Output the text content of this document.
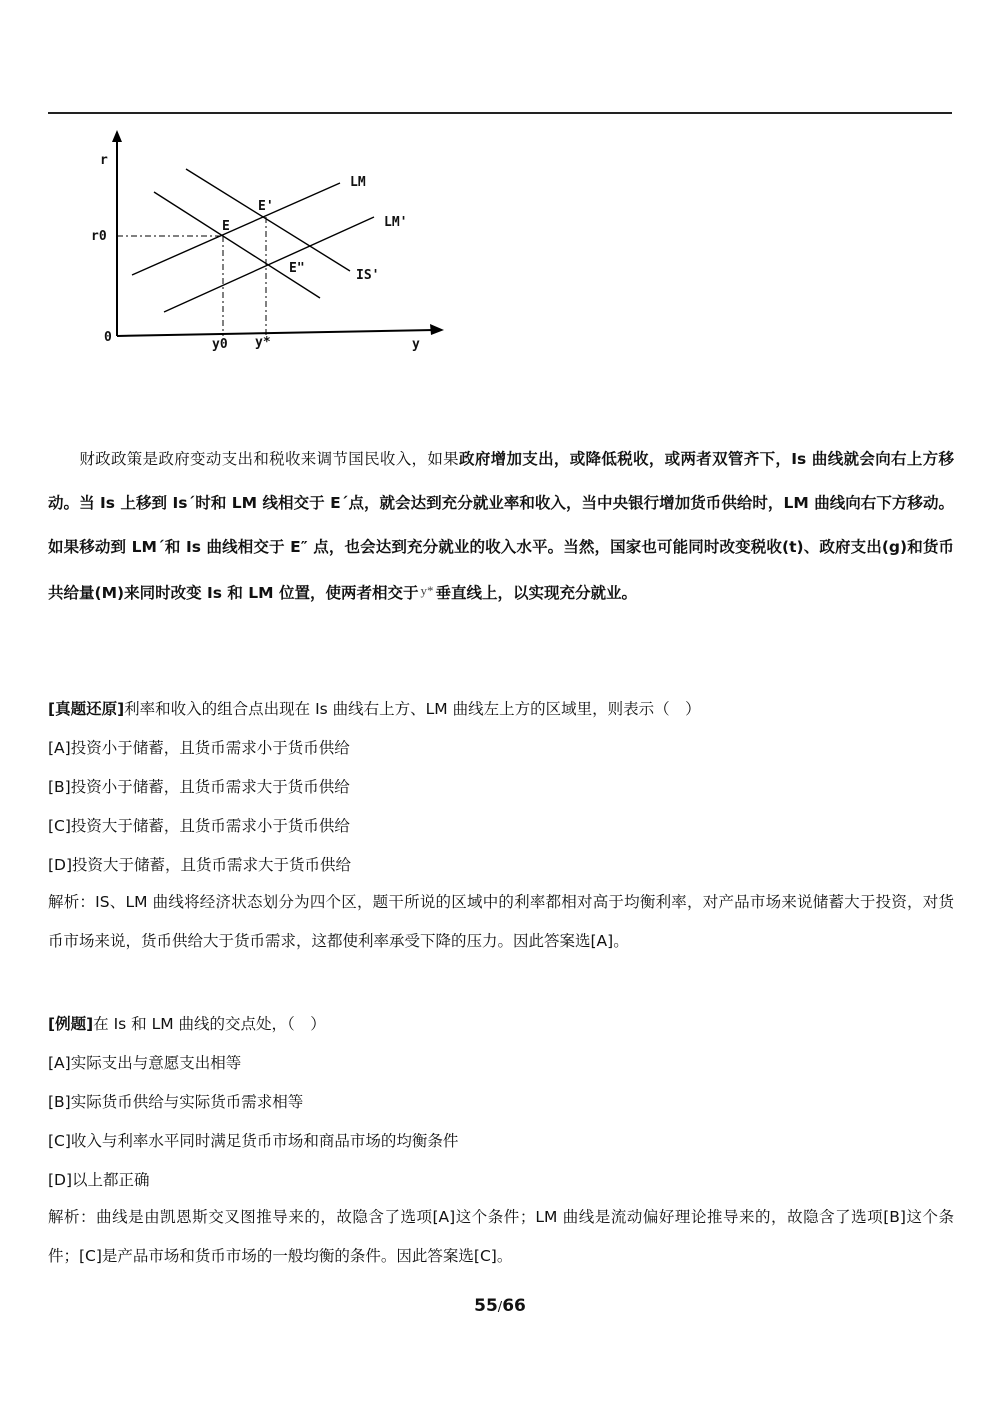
r
r0
0	y0 y*	y
LM
LM'
IS'
E
E'
E"
财政政策是政府变动支出和税收来调节国民收入，如果政府增加支出，或降低税收，或两者双管齐下，Is 曲线就会向右上方移动。当 Is 上移到 Is´时和 LM 线相交于 E´点，就会达到充分就业率和收入，当中央银行增加货币供给时，LM 曲线向右下方移动。如果移动到 LM´和 Is 曲线相交于 E″ 点，也会达到充分就业的收入水平。当然，国家也可能同时改变税收(t)、政府支出(g)和货币共给量(M)来同时改变 Is 和 LM 位置，使两者相交于 y* 垂直线上，以实现充分就业。
[真题还原]利率和收入的组合点出现在 Is 曲线右上方、LM 曲线左上方的区域里，则表示（　）
[A]投资小于储蓄，且货币需求小于货币供给
[B]投资小于储蓄，且货币需求大于货币供给
[C]投资大于储蓄，且货币需求小于货币供给
[D]投资大于储蓄，且货币需求大于货币供给
解析：IS、LM 曲线将经济状态划分为四个区，题干所说的区域中的利率都相对高于均衡利率，对产品市场来说储蓄大于投资，对货币市场来说，货币供给大于货币需求，这都使利率承受下降的压力。因此答案选[A]。
[例题]在 Is 和 LM 曲线的交点处，（　）
[A]实际支出与意愿支出相等
[B]实际货币供给与实际货币需求相等
[C]收入与利率水平同时满足货币市场和商品市场的均衡条件
[D]以上都正确
解析：曲线是由凯恩斯交叉图推导来的，故隐含了选项[A]这个条件；LM 曲线是流动偏好理论推导来的，故隐含了选项[B]这个条件；[C]是产品市场和货币市场的一般均衡的条件。因此答案选[C]。
55/66
